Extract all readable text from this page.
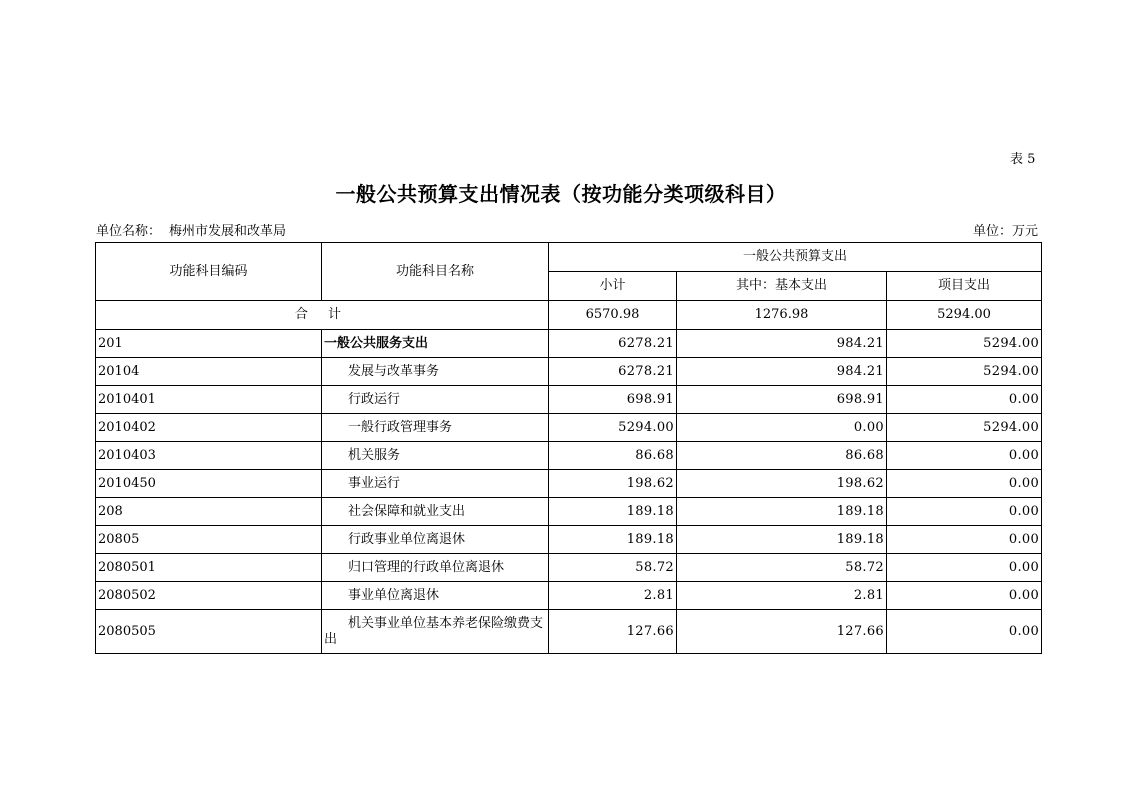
表 5
一般公共预算支出情况表（按功能分类项级科目）
单位名称： 梅州市发展和改革局	单位：万元
功能科目编码	功能科目名称	一般公共预算支出		
		小计	其中：基本支出	项目支出
合 计		6570.98	1276.98	5294.00
201	一般公共服务支出	6278.21	984.21	5294.00
20104	发展与改革事务	6278.21	984.21	5294.00
2010401	行政运行	698.91	698.91	0.00
2010402	一般行政管理事务	5294.00	0.00	5294.00
2010403	机关服务	86.68	86.68	0.00
2010450	事业运行	198.62	198.62	0.00
208	社会保障和就业支出	189.18	189.18	0.00
20805	行政事业单位离退休	189.18	189.18	0.00
2080501	归口管理的行政单位离退休	58.72	58.72	0.00
2080502	事业单位离退休	2.81	2.81	0.00
2080505	机关事业单位基本养老保险缴费支出	127.66	127.66	0.00
